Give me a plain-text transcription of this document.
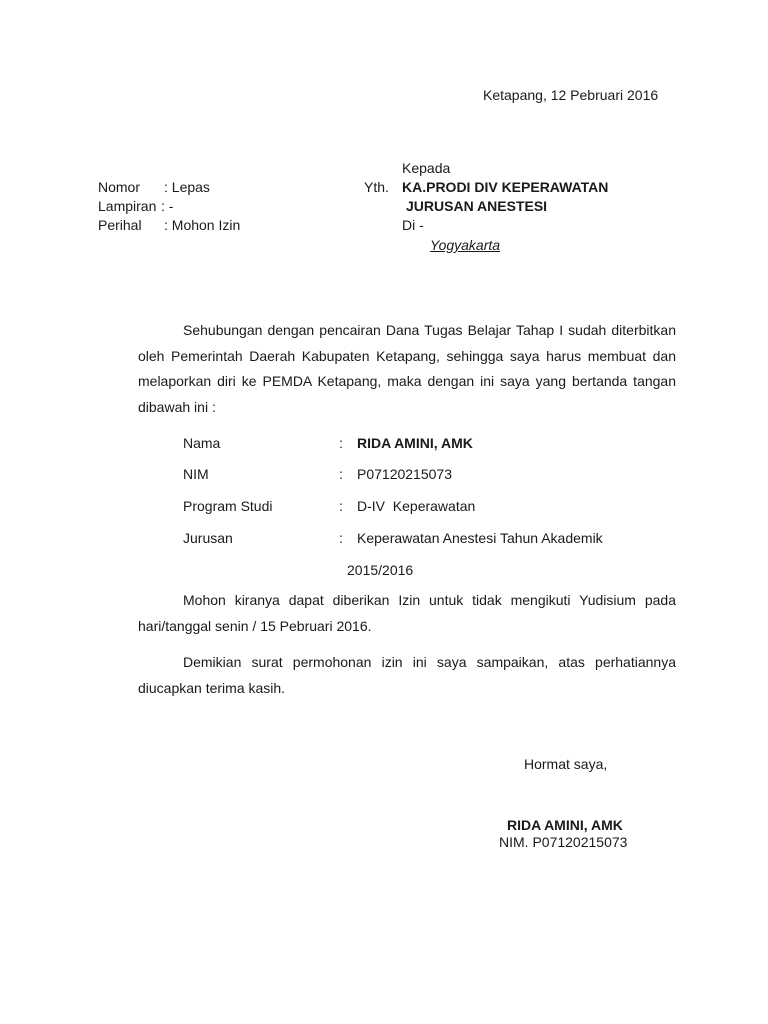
Ketapang, 12 Pebruari 2016
Nomor : Lepas
Lampiran : -
Perihal : Mohon Izin
Kepada
Yth. KA.PRODI DIV KEPERAWATAN
JURUSAN ANESTESI
Di -
Yogyakarta

Sehubungan dengan pencairan Dana Tugas Belajar Tahap I sudah diterbitkan oleh Pemerintah Daerah Kabupaten Ketapang, sehingga saya harus membuat dan melaporkan diri ke PEMDA Ketapang, maka dengan ini saya yang bertanda tangan dibawah ini :

Nama	: RIDA AMINI, AMK
NIM	: P07120215073
Program Studi	: D-IV  Keperawatan
Jurusan	: Keperawatan Anestesi Tahun Akademik
2015/2016

Mohon kiranya dapat diberikan Izin untuk tidak mengikuti Yudisium pada hari/tanggal senin / 15 Pebruari 2016.

Demikian surat permohonan izin ini saya sampaikan, atas perhatiannya diucapkan terima kasih.

Hormat saya,
RIDA AMINI, AMK
NIM. P07120215073
